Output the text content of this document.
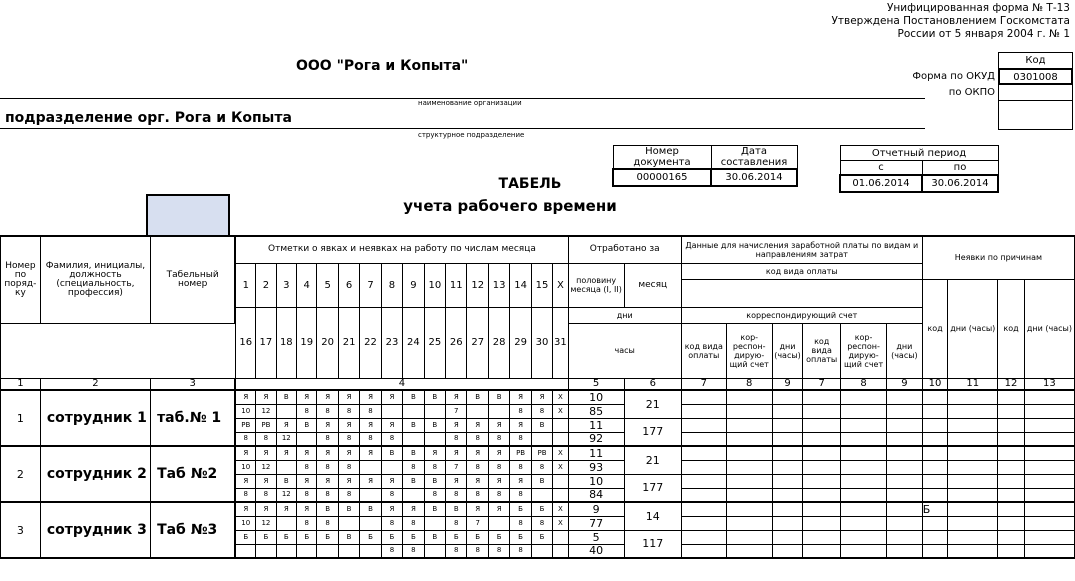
Унифицированная форма № Т-13
Утверждена Постановлением Госкомстата
России от 5 января 2004 г. № 1
Код
0301008
Форма по ОКУД
по ОКПО
ООО "Рога и Копыта"
наименование организации
подразделение орг. Рога и Копыта
структурное подразделение
Номер документа	Дата составления
00000165	30.06.2014
Отчетный период	
с	по
01.06.2014	30.06.2014
ТАБЕЛЬ
учета рабочего времени
Номер по поряд-ку	Фамилия, инициалы, должность (специальность, профессия)	Табельный номер	Отметки о явках и неявках на работу по числам месяца																Отработано за		Данные для начисления заработной платы по видам и направлениям затрат						Неявки по причинам			
			1	2	3	4	5	6	7	8	9	10	11	12	13	14	15	X	половину месяца (I, II)	месяц	код вида оплаты									
																											код	дни (часы)	код	дни (часы)
			16	17	18	19	20	21	22	23	24	25	26	27	28	29	30	31	дни		корреспондирующий счет									
																			часы		код вида оплаты	кор-респон-дирую-щий счет	дни (часы)	код вида оплаты	кор-респон-дирую-щий счет	дни (часы)				
1	2	3	4																5	6	7	8	9	7	8	9	10	11	12	13
1	сотрудник 1	таб.№ 1	Я	Я	В	Я	Я	Я	Я	Я	В	В	Я	В	В	Я	Я	X	10	21										
			10	12		8	8	8	8				7			8	8	X	85											
			РВ	РВ	Я	В	Я	Я	Я	Я	В	В	Я	Я	Я	Я	В		11	177										
			8	8	12		8	8	8	8			8	8	8	8			92											
2	сотрудник 2	Таб №2	Я	Я	Я	Я	Я	Я	Я	В	В	Я	Я	Я	Я	РВ	РВ	X	11	21										
			10	12		8	8	8			8	8	7	8	8	8	8	X	93											
			Я	Я	В	Я	Я	Я	Я	Я	В	В	Я	Я	Я	Я	В		10	177										
			8	8	12	8	8	8		8		8	8	8	8	8			84											
3	сотрудник 3	Таб №3	Я	Я	Я	Я	В	В	В	Я	Я	В	В	Я	Я	Б	Б	X	9	14							Б			
			10	12		8	8			8	8		8	7		8	8	X	77											
			Б	Б	Б	Б	Б	В	Б	Б	Б	В	Б	Б	Б	Б	Б		5	117										
										8	8		8	8	8	8			40											
